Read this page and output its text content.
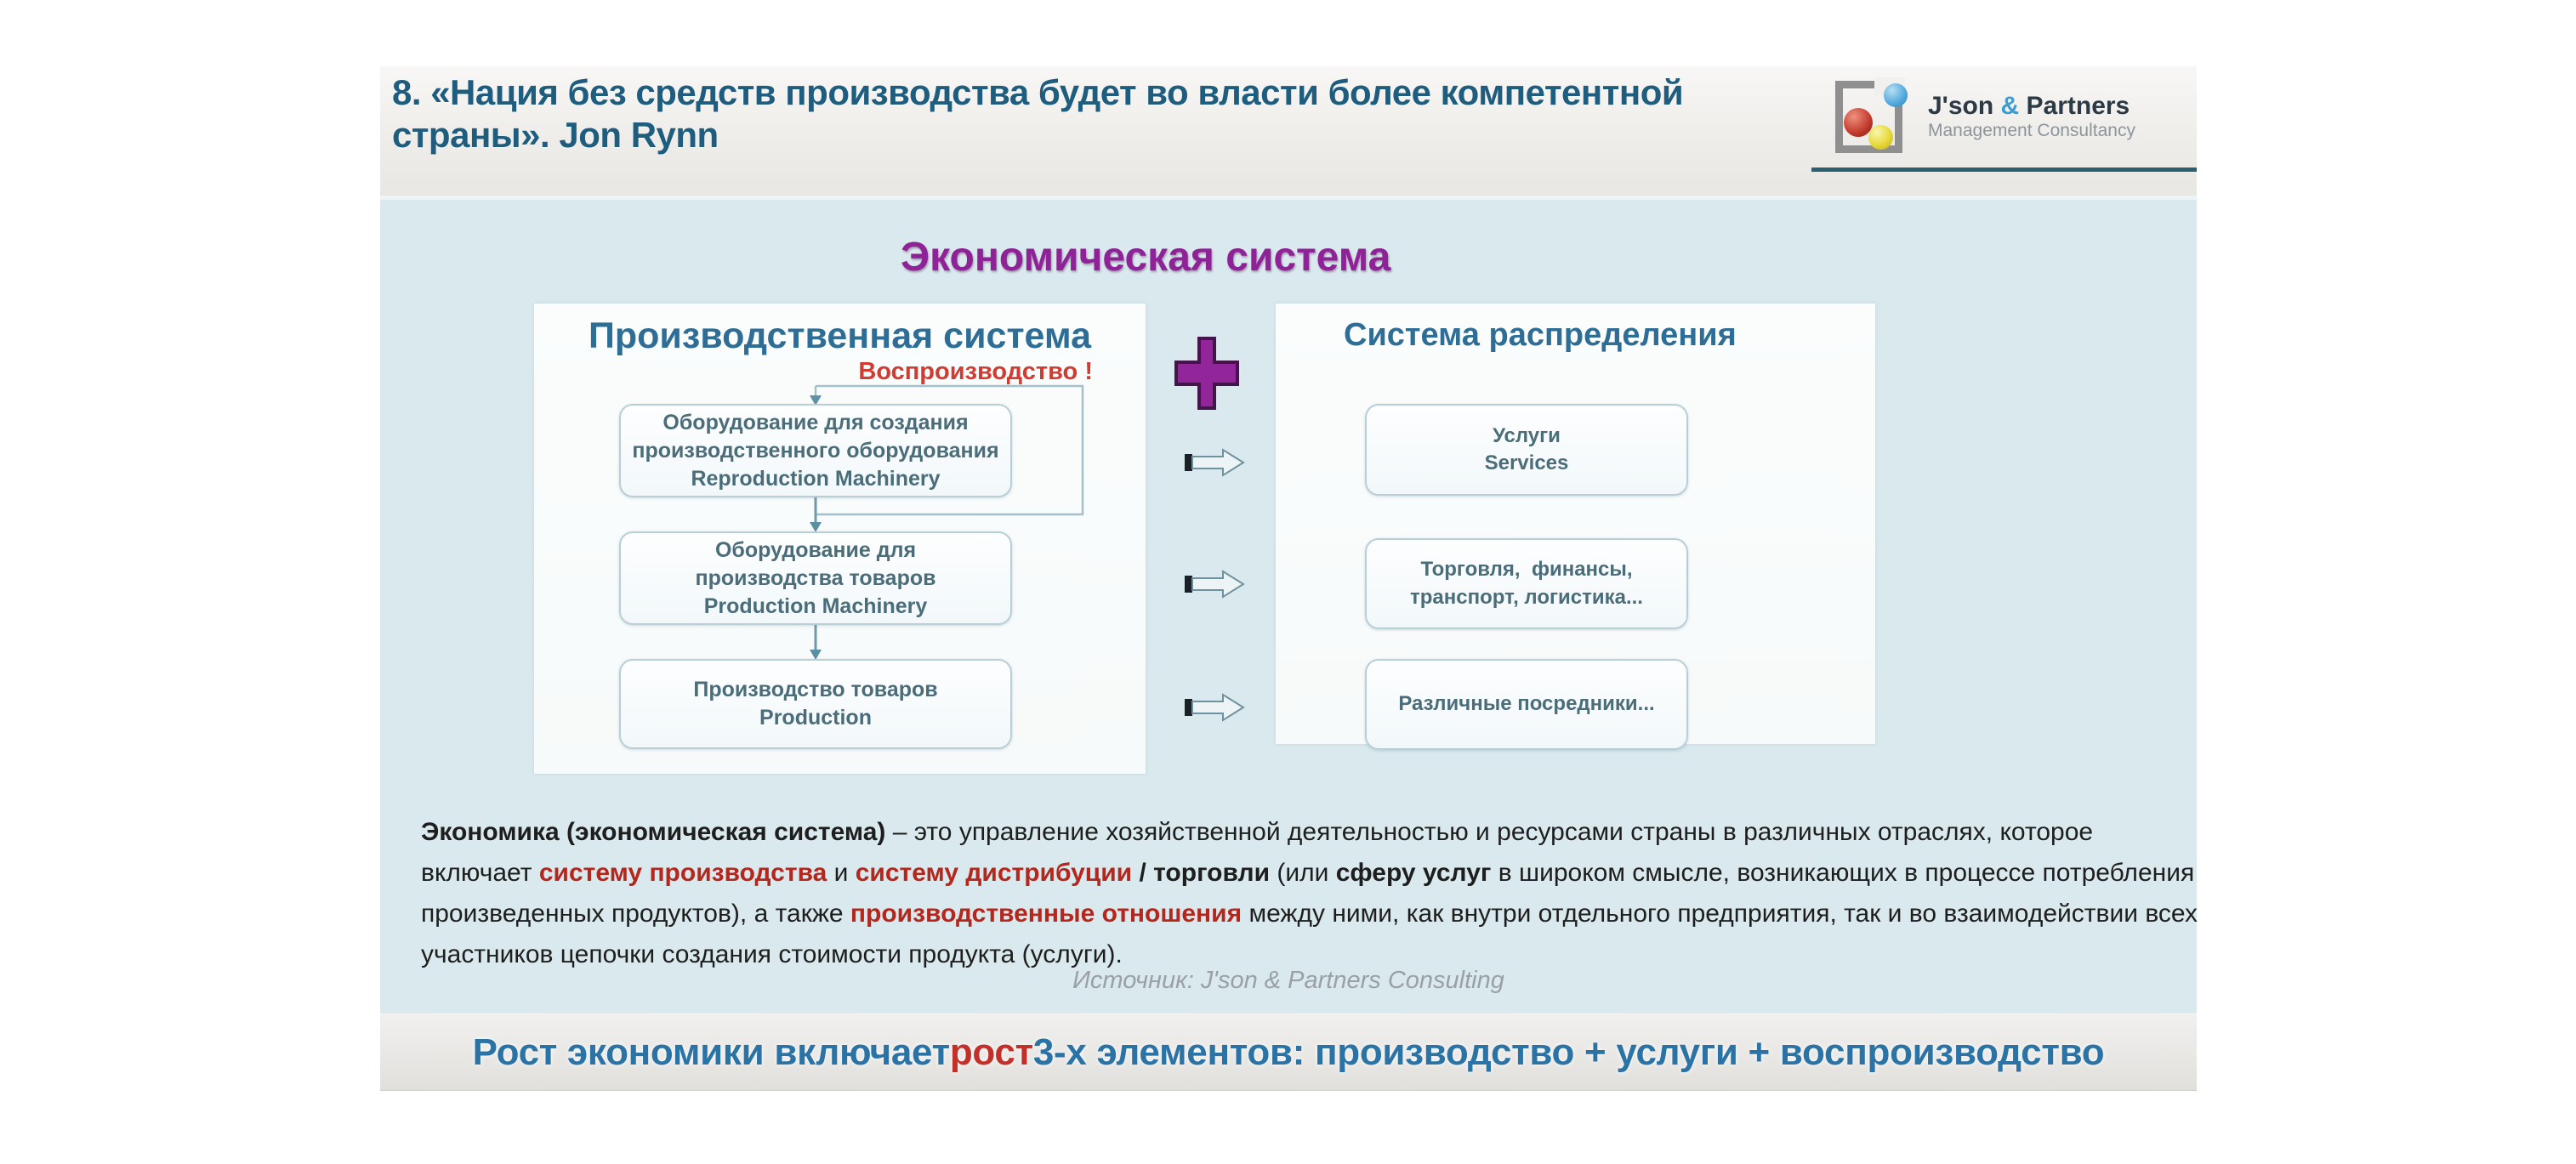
8. «Нация без средств производства будет во власти более компетентной страны». Jon Rynn
J'son & Partners
Management Consultancy
Экономическая система
Производственная система
Воспроизводство !
Оборудование для создания
производственного оборудования
Reproduction Machinery
Оборудование для
производства товаров
Production Machinery
Производство товаров
Production
Система распределения
Услуги
Services
Торговля,  финансы,
транспорт, логистика...
Различные посредники...
Экономика (экономическая система) – это управление хозяйственной деятельностью и ресурсами страны в различных отраслях, которое включает систему производства и систему дистрибуции / торговли (или сферу услуг в широком смысле, возникающих в процессе потребления произведенных продуктов), а также производственные отношения между ними, как внутри отдельного предприятия, так и во взаимодействии всех участников цепочки создания стоимости продукта (услуги).
Источник: J'son & Partners Consulting
Рост экономики включает рост 3-х элементов: производство + услуги + воспроизводство
